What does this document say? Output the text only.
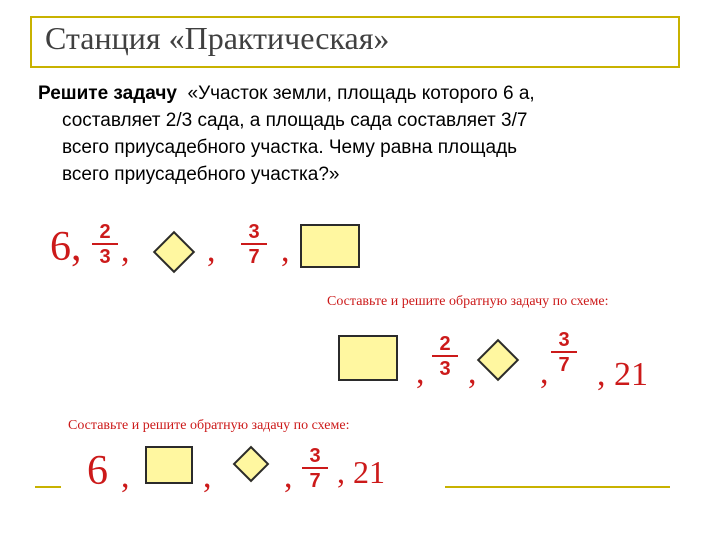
Станция «Практическая»
Решите задачу «Участок земли, площадь которого 6 а,
составляет 2/3 сада, а площадь сада составляет 3/7
всего приусадебного участка. Чему равна площадь
всего приусадебного участка?»
6, 2
3 , ,	3
7 ,
Составьте и решите обратную задачу по схеме:
,
2
3 , ,
3
7 , 21
Составьте и решите обратную задачу по схеме:
6 , , ,
3
7 , 21
